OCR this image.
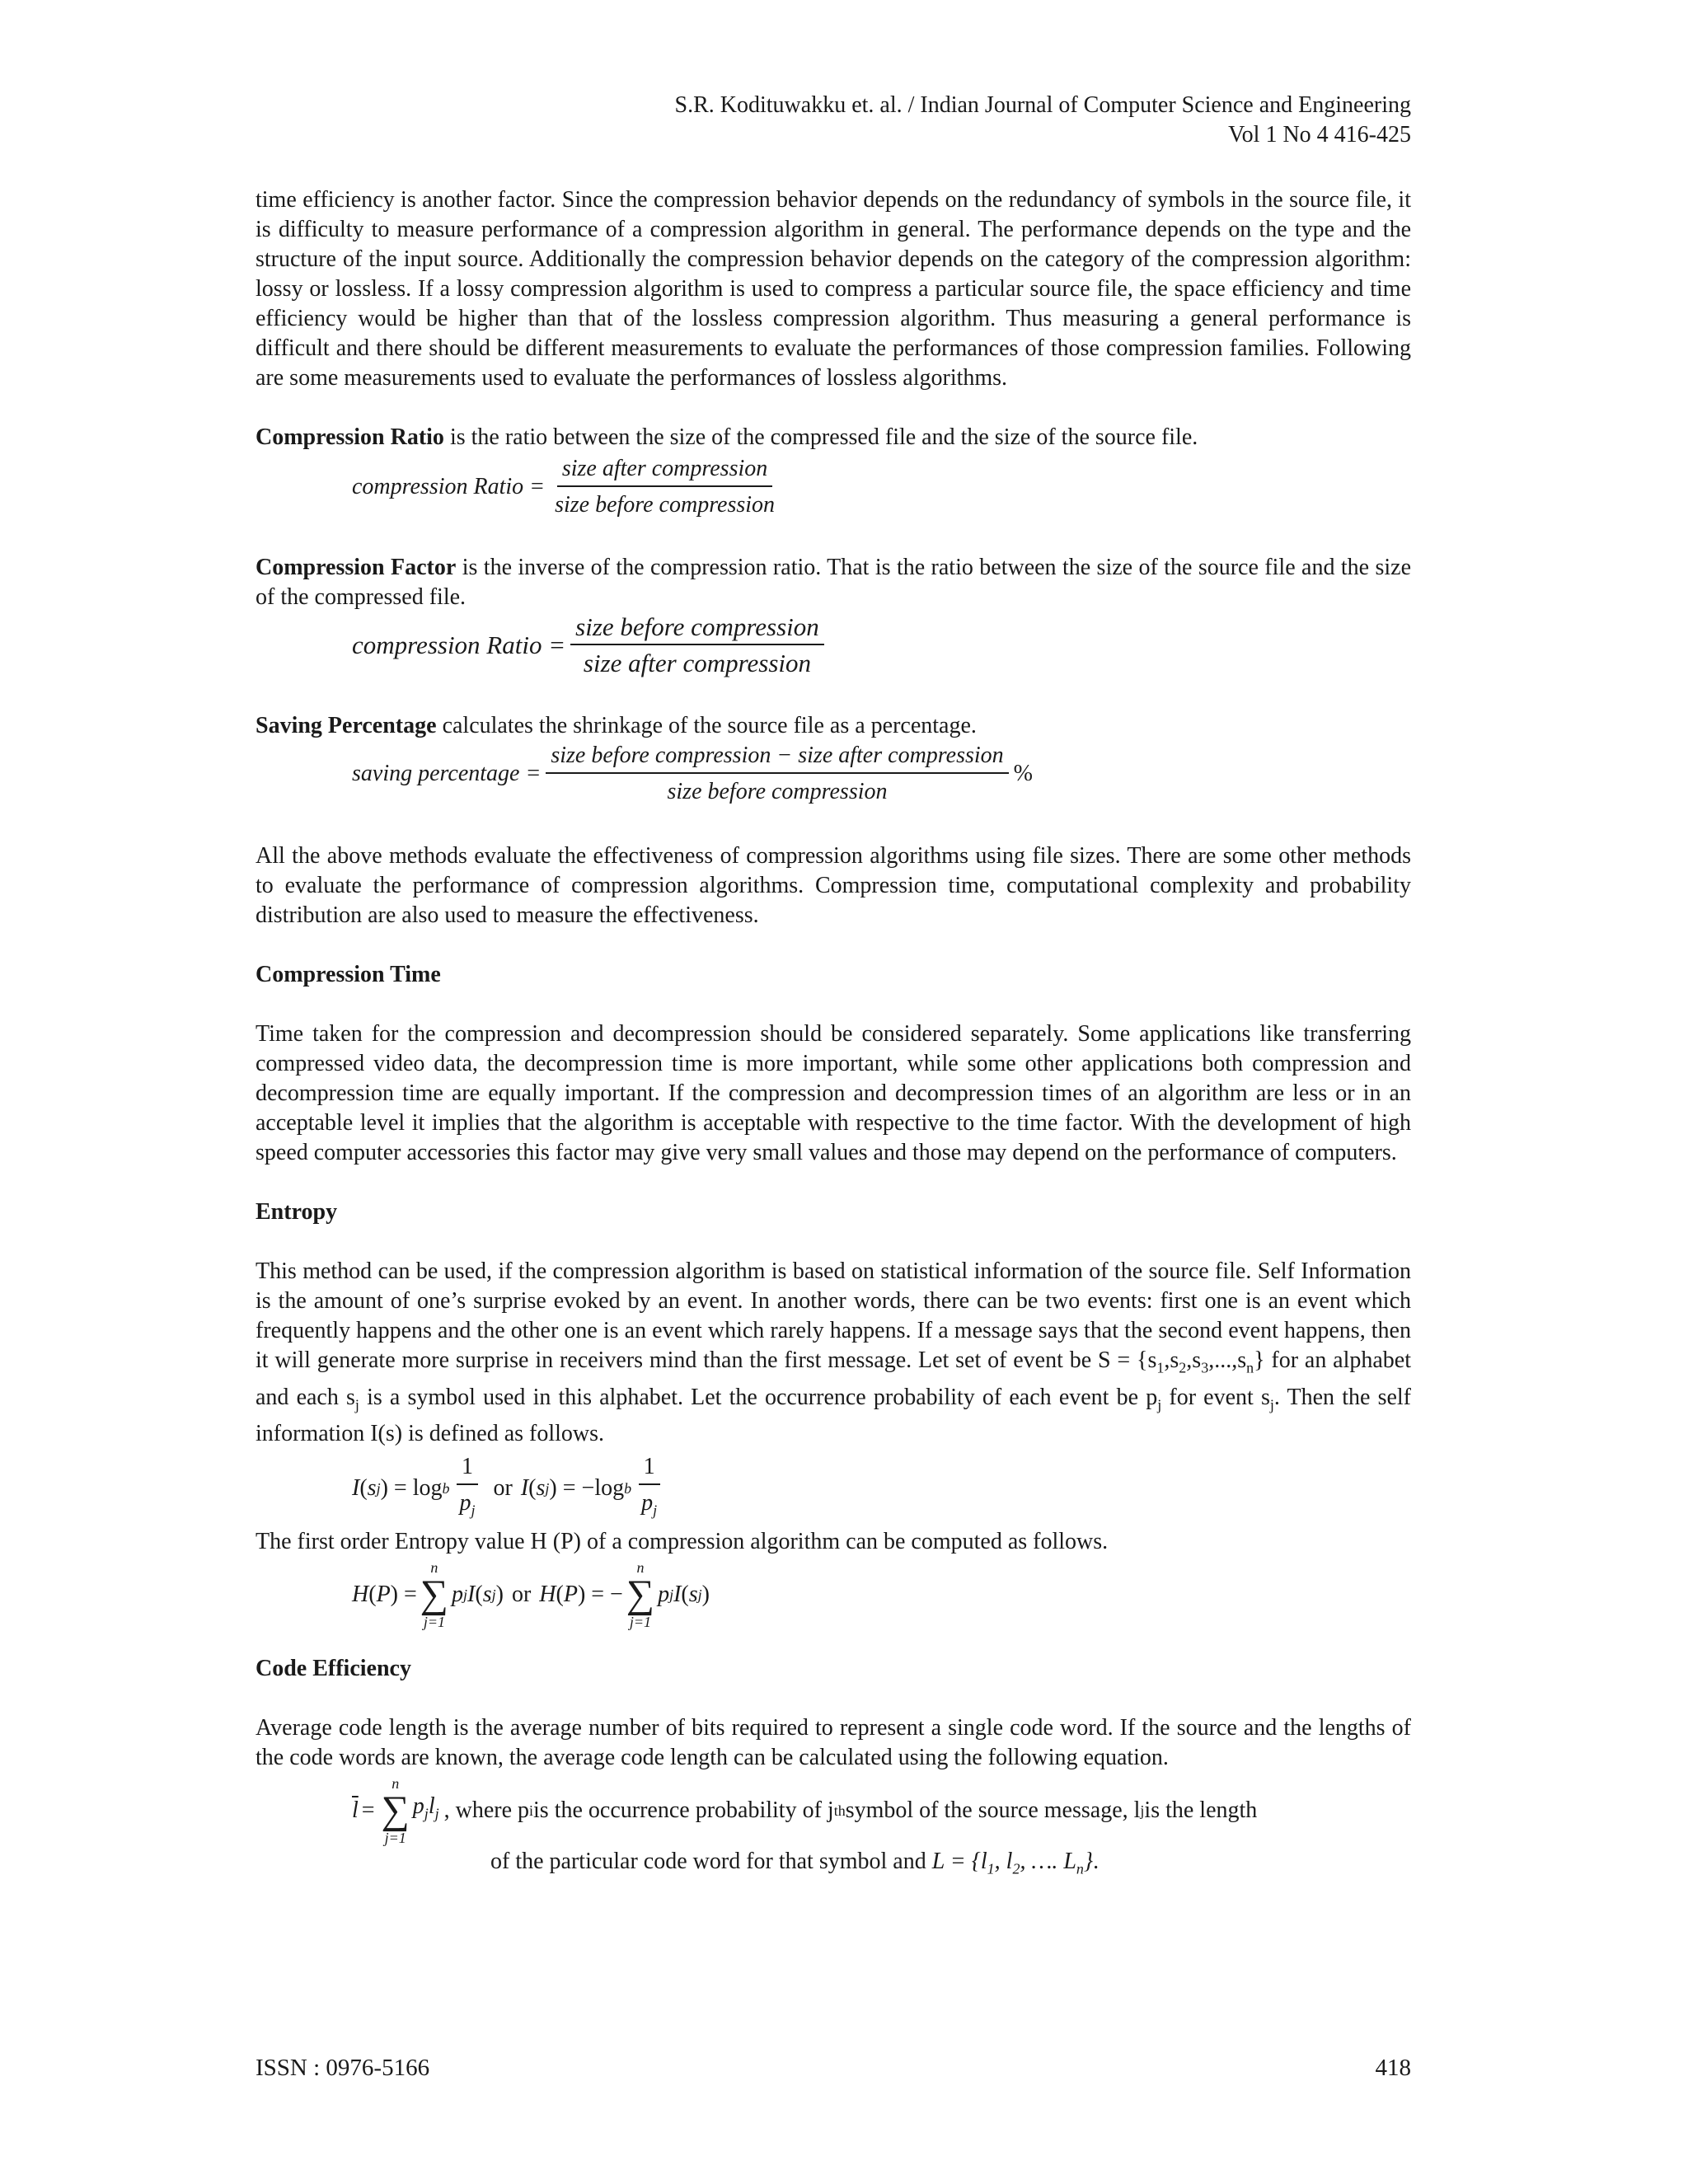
S.R. Kodituwakku et. al. / Indian Journal of Computer Science and Engineering
Vol 1 No 4 416-425

time efficiency is another factor. Since the compression behavior depends on the redundancy of symbols in the source file, it is difficulty to measure performance of a compression algorithm in general. The performance depends on the type and the structure of the input source. Additionally the compression behavior depends on the category of the compression algorithm: lossy or lossless. If a lossy compression algorithm is used to compress a particular source file, the space efficiency and time efficiency would be higher than that of the lossless compression algorithm. Thus measuring a general performance is difficult and there should be different measurements to evaluate the performances of those compression families. Following are some measurements used to evaluate the performances of lossless algorithms.

Compression Ratio is the ratio between the size of the compressed file and the size of the source file.

compression Ratio = $\frac{\text{size after compression}}{\text{size before compression}}$

Compression Factor is the inverse of the compression ratio. That is the ratio between the size of the source file and the size of the compressed file.

compression Ratio = $\frac{\text{size before compression}}{\text{size after compression}}$

Saving Percentage calculates the shrinkage of the source file as a percentage.

saving percentage = $\frac{\text{size before compression − size after compression}}{\text{size before compression}}$ %

All the above methods evaluate the effectiveness of compression algorithms using file sizes. There are some other methods to evaluate the performance of compression algorithms. Compression time, computational complexity and probability distribution are also used to measure the effectiveness.

Compression Time

Time taken for the compression and decompression should be considered separately. Some applications like transferring compressed video data, the decompression time is more important, while some other applications both compression and decompression time are equally important. If the compression and decompression times of an algorithm are less or in an acceptable level it implies that the algorithm is acceptable with respective to the time factor. With the development of high speed computer accessories this factor may give very small values and those may depend on the performance of computers.

Entropy

This method can be used, if the compression algorithm is based on statistical information of the source file. Self Information is the amount of one’s surprise evoked by an event. In another words, there can be two events: first one is an event which frequently happens and the other one is an event which rarely happens. If a message says that the second event happens, then it will generate more surprise in receivers mind than the first message. Let set of event be $S = \{s_1,s_2,s_3,...,s_n\}$ for an alphabet and each $s_j$ is a symbol used in this alphabet. Let the occurrence probability of each event be $p_j$ for event $s_j$. Then the self information I(s) is defined as follows.

I ( s j ) = log b $\frac{1}{p_j}$ or I ( s j ) = −log b $\frac{1}{p_j}$

The first order Entropy value H (P) of a compression algorithm can be computed as follows.

H ( P ) =
n
∑
j=1
p j I ( s j ) or H ( P ) = −
n
∑
j=1
p j I ( s j )

Code Efficiency

Average code length is the average number of bits required to represent a single code word. If the source and the lengths of the code words are known, the average code length can be calculated using the following equation.

$\overline{l}$ =
n
∑
j=1
$p_jl_j$ , where p i is the occurrence probability of j th symbol of the source message, l j is the length

of the particular code word for that symbol and $L = \{l_1$, $l_2$, …. $L_n$}.

ISSN : 0976-5166	418
